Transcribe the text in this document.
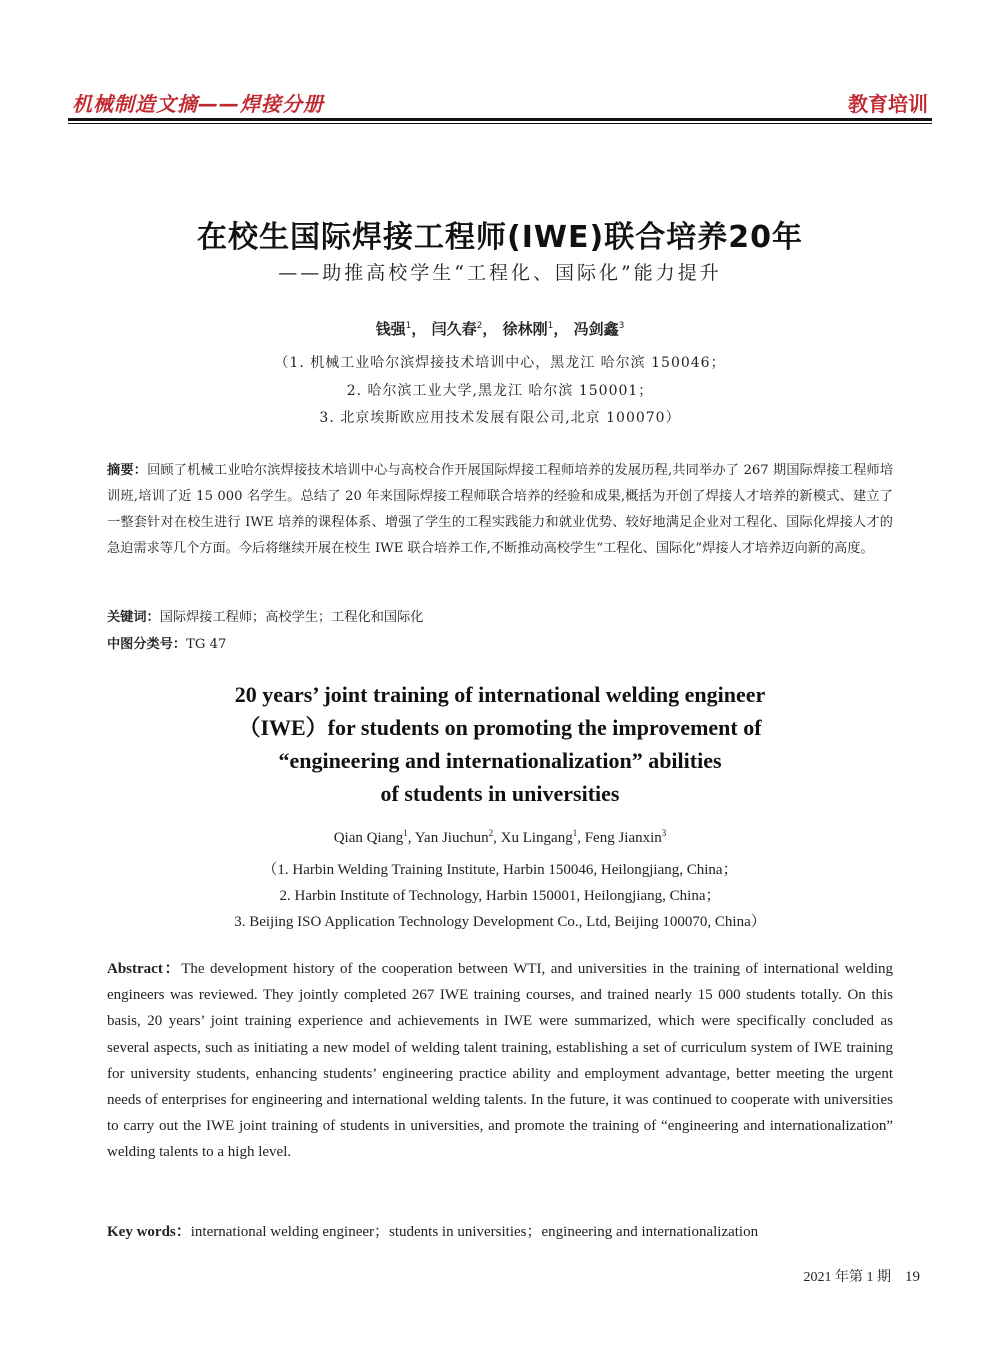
机械制造文摘——焊接分册	教育培训
在校生国际焊接工程师(IWE)联合培养20年
——助推高校学生“工程化、国际化”能力提升
钱强$^1$， 闫久春$^2$， 徐林刚$^1$， 冯剑鑫$^3$
（1. 机械工业哈尔滨焊接技术培训中心，黑龙江 哈尔滨 150046；
2. 哈尔滨工业大学,黑龙江 哈尔滨 150001；
3. 北京埃斯欧应用技术发展有限公司,北京 100070）
摘要：回顾了机械工业哈尔滨焊接技术培训中心与高校合作开展国际焊接工程师培养的发展历程,共同举办了 267 期国际焊接工程师培训班,培训了近 15 000 名学生。总结了 20 年来国际焊接工程师联合培养的经验和成果,概括为开创了焊接人才培养的新模式、建立了一整套针对在校生进行 IWE 培养的课程体系、增强了学生的工程实践能力和就业优势、较好地满足企业对工程化、国际化焊接人才的急迫需求等几个方面。今后将继续开展在校生 IWE 联合培养工作,不断推动高校学生“工程化、国际化”焊接人才培养迈向新的高度。
关键词：国际焊接工程师；高校学生；工程化和国际化
中图分类号：TG 47
20 years’ joint training of international welding engineer
（IWE）for students on promoting the improvement of
“engineering and internationalization” abilities
of students in universities
Qian Qiang$^1$, Yan Jiuchun$^2$, Xu Lingang$^1$, Feng Jianxin$^3$
（1. Harbin Welding Training Institute, Harbin 150046, Heilongjiang, China；
2. Harbin Institute of Technology, Harbin 150001, Heilongjiang, China；
3. Beijing ISO Application Technology Development Co., Ltd, Beijing 100070, China）
Abstract：The development history of the cooperation between WTI, and universities in the training of international welding engineers was reviewed. They jointly completed 267 IWE training courses, and trained nearly 15 000 students totally. On this basis, 20 years’ joint training experience and achievements in IWE were summarized, which were specifically concluded as several aspects, such as initiating a new model of welding talent training, establishing a set of curriculum system of IWE training for university students, enhancing students’ engineering practice ability and employment advantage, better meeting the urgent needs of enterprises for engineering and international welding talents. In the future, it was continued to cooperate with universities to carry out the IWE joint training of students in universities, and promote the training of “engineering and internationalization” welding talents to a high level.
Key words：international welding engineer；students in universities；engineering and internationalization
2021 年第 1 期 19
